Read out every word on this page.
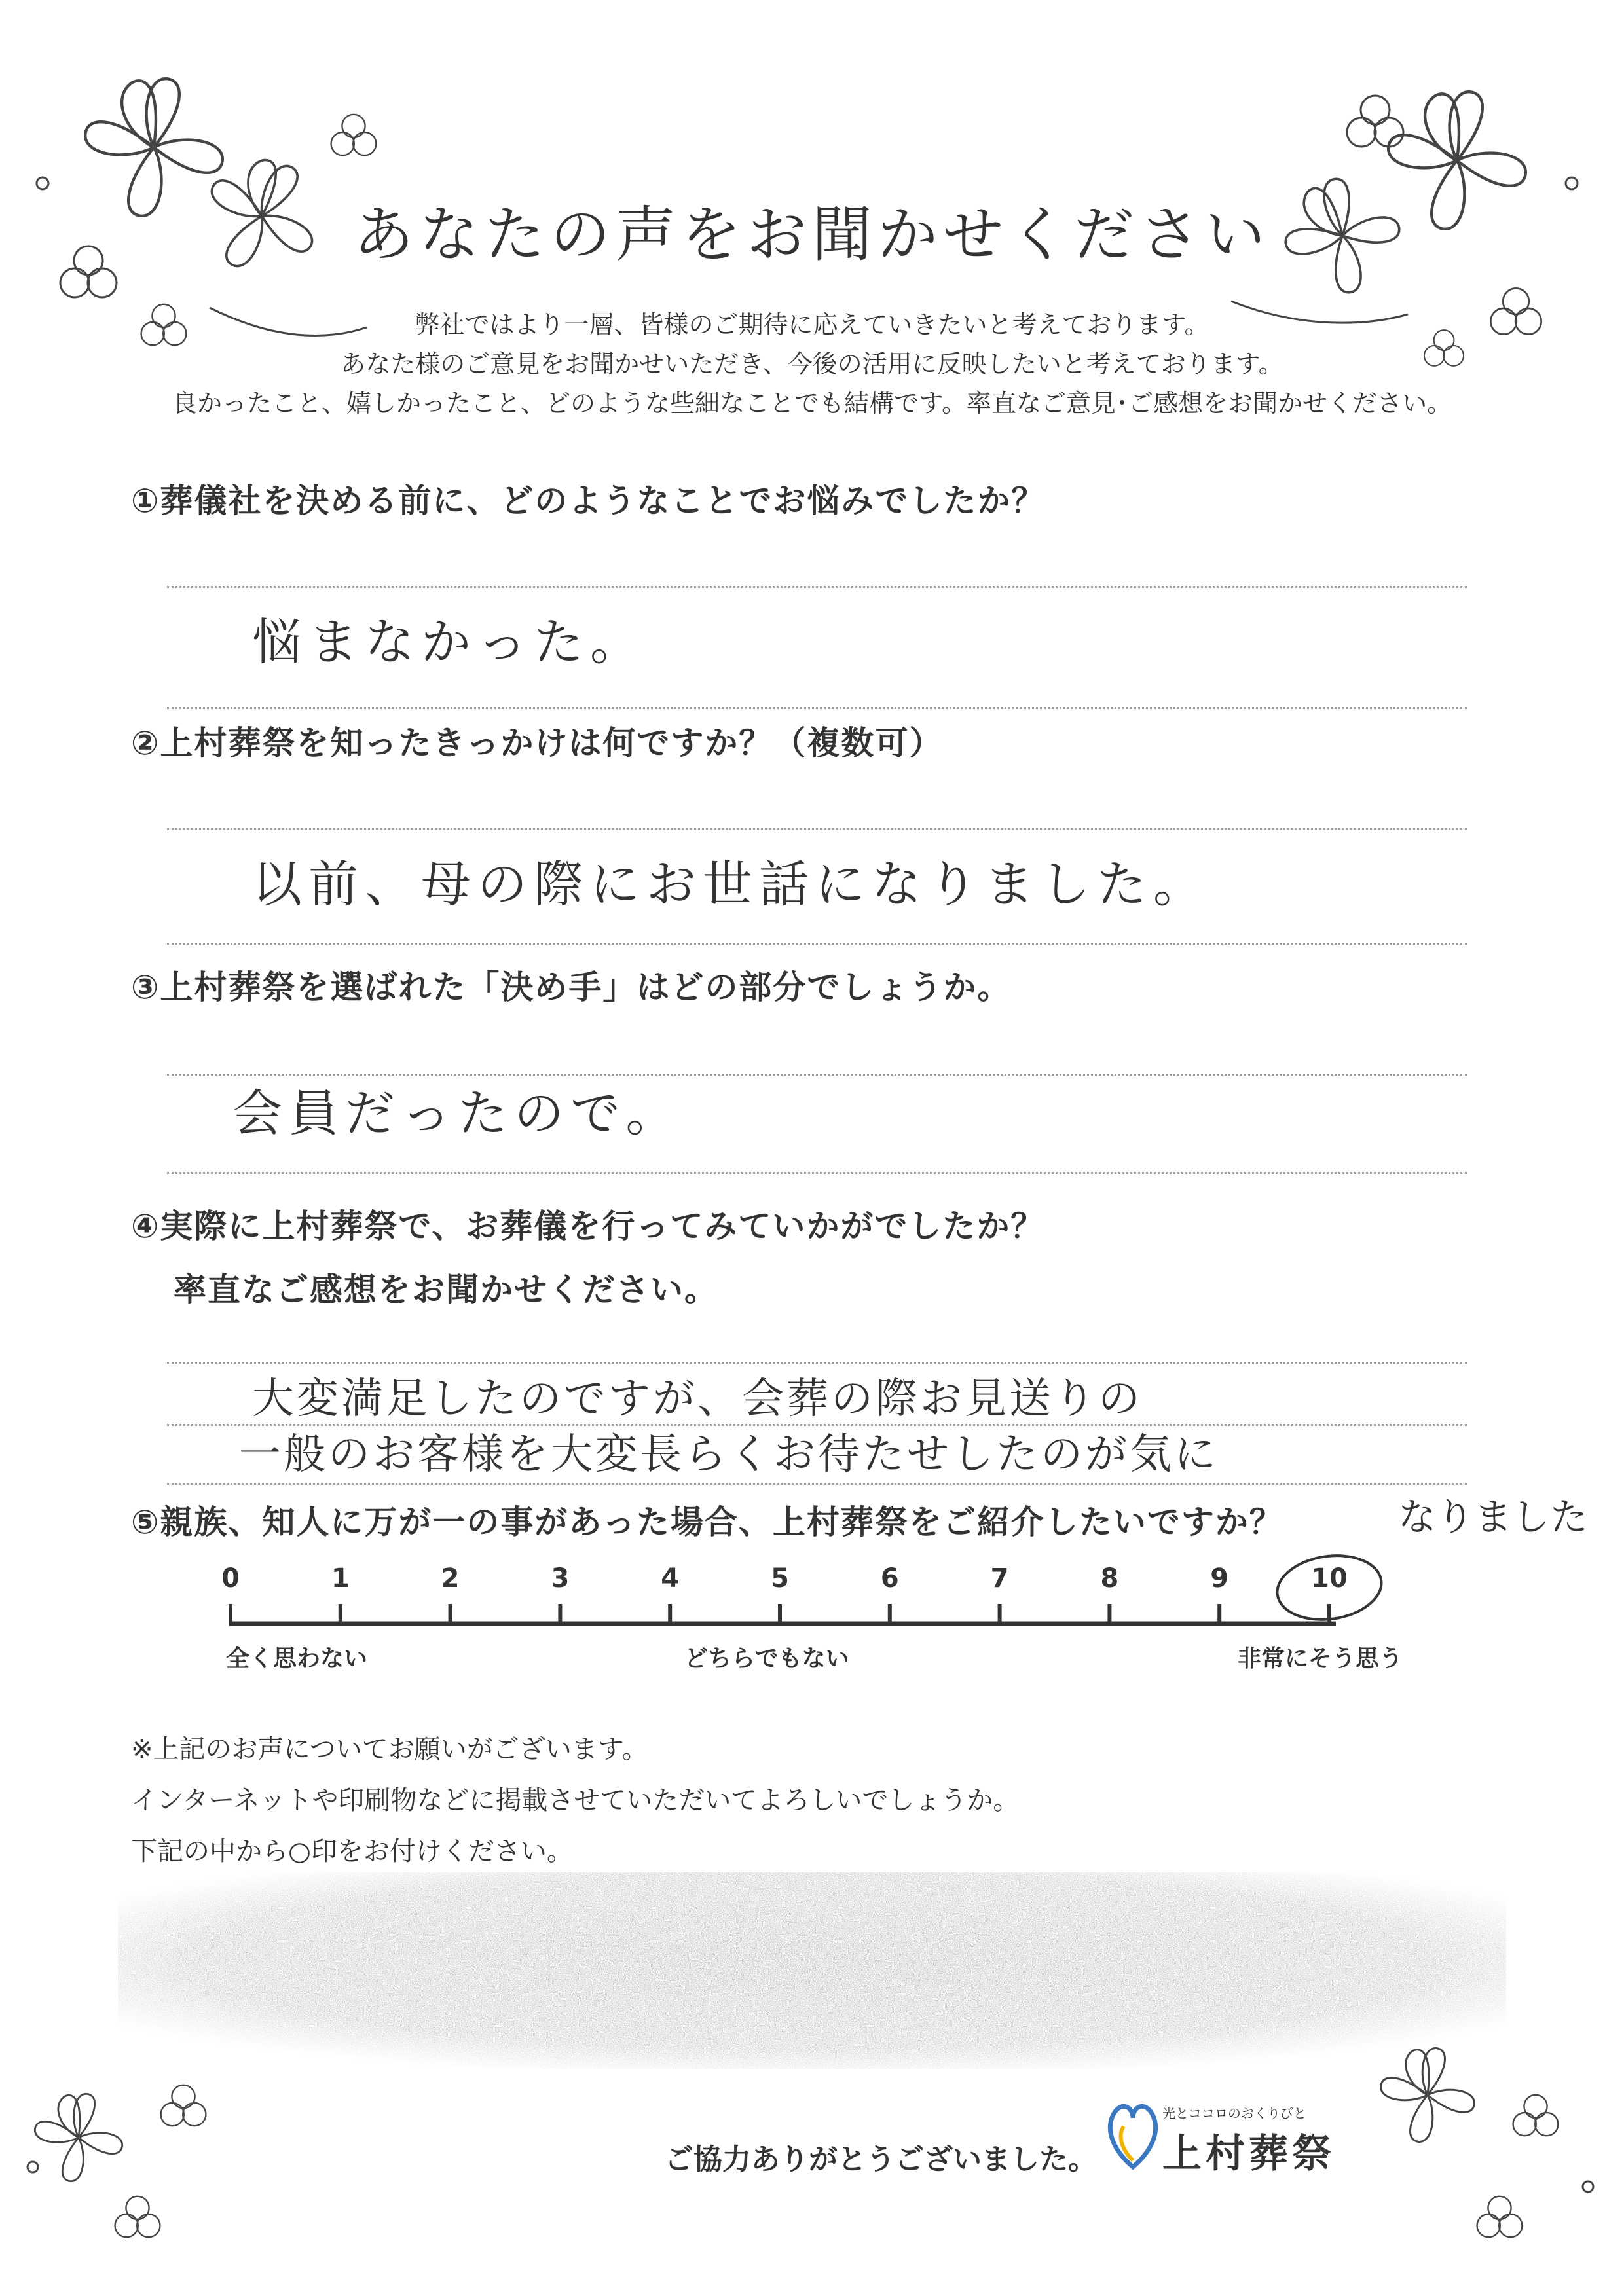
あなたの声をお聞かせください
弊社ではより一層、皆様のご期待に応えていきたいと考えております。
あなた様のご意見をお聞かせいただき、今後の活用に反映したいと考えております。
良かったこと、嬉しかったこと、どのような些細なことでも結構です。率直なご意見･ご感想をお聞かせください。
①葬儀社を決める前に、どのようなことでお悩みでしたか？
悩まなかった。
②上村葬祭を知ったきっかけは何ですか？（複数可）
以前、母の際にお世話になりました。
③上村葬祭を選ばれた「決め手」はどの部分でしょうか。
会員だったので。
④実際に上村葬祭で、お葬儀を行ってみていかがでしたか？
率直なご感想をお聞かせください。
大変満足したのですが、会葬の際お見送りの
一般のお客様を大変長らくお待たせしたのが気に
⑤親族、知人に万が一の事があった場合、上村葬祭をご紹介したいですか？	なりました
0	1	2	3	4	5	6	7	8	9	10
全く思わない	どちらでもない	非常にそう思う
※上記のお声についてお願いがございます。
インターネットや印刷物などに掲載させていただいてよろしいでしょうか。
下記の中から○印をお付けください。
ご協力ありがとうございました。
光とココロのおくりびと
上村葬祭
